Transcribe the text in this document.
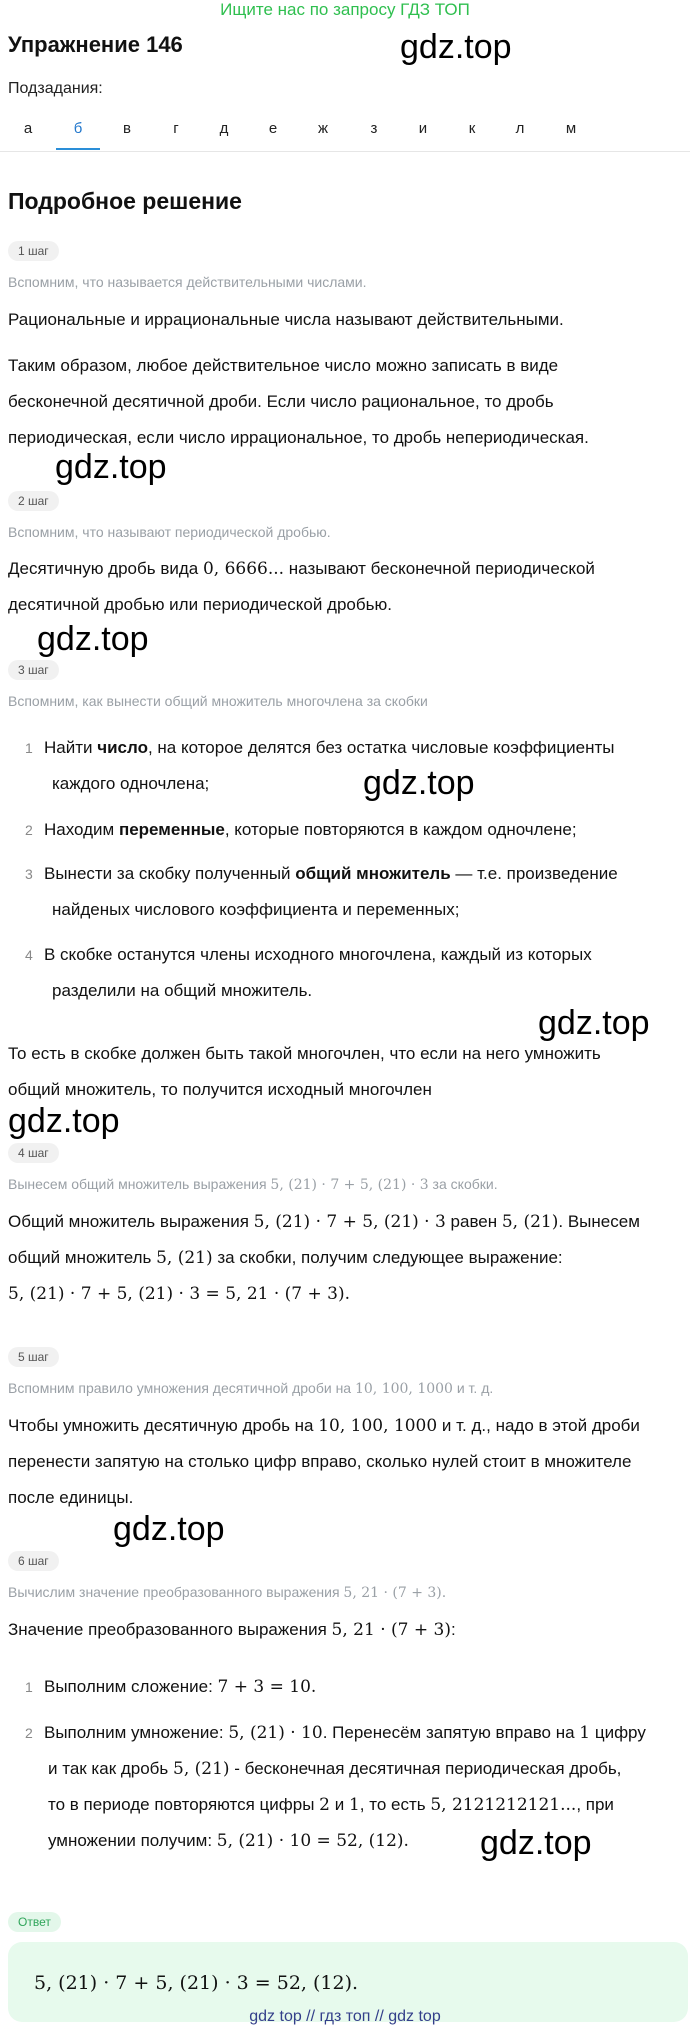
Ищите нас по запросу ГДЗ ТОП
Упражнение 146	gdz.top
Подзадания:
а	б	в	г	д	е	ж	з	и	к	л	м
Подробное решение
1 шаг
Вспомним, что называется действительными числами.
Рациональные и иррациональные числа называют действительными.
Таким образом, любое действительное число можно записать в виде
бесконечной десятичной дроби. Если число рациональное, то дробь
периодическая, если число иррациональное, то дробь непериодическая.
gdz.top
2 шаг
Вспомним, что называют периодической дробью.
Десятичную дробь вида 0, 6666... называют бесконечной периодической
десятичной дробью или периодической дробью.
gdz.top
3 шаг
Вспомним, как вынести общий множитель многочлена за скобки
1 Найти число, на которое делятся без остатка числовые коэффициенты
каждого одночлена;	gdz.top
2 Находим переменные, которые повторяются в каждом одночлене;
3 Вынести за скобку полученный общий множитель — т.е. произведение
найденых числового коэффициента и переменных;
4 В скобке останутся члены исходного многочлена, каждый из которых
разделили на общий множитель.
gdz.top
То есть в скобке должен быть такой многочлен, что если на него умножить
общий множитель, то получится исходный многочлен
gdz.top
4 шаг
Вынесем общий множитель выражения 5, (21) · 7 + 5, (21) · 3 за скобки.
Общий множитель выражения 5, (21) · 7 + 5, (21) · 3 равен 5, (21). Вынесем
общий множитель 5, (21) за скобки, получим следующее выражение:
5, (21) · 7 + 5, (21) · 3 = 5, 21 · (7 + 3).
5 шаг
Вспомним правило умножения десятичной дроби на 10, 100, 1000 и т. д.
Чтобы умножить десятичную дробь на 10, 100, 1000 и т. д., надо в этой дроби
перенести запятую на столько цифр вправо, сколько нулей стоит в множителе
после единицы.
gdz.top
6 шаг
Вычислим значение преобразованного выражения 5, 21 · (7 + 3).
Значение преобразованного выражения 5, 21 · (7 + 3):
1 Выполним сложение: 7 + 3 = 10.
2 Выполним умножение: 5, (21) · 10. Перенесём запятую вправо на 1 цифру
и так как дробь 5, (21) - бесконечная десятичная периодическая дробь,
то в периоде повторяются цифры 2 и 1, то есть 5, 2121212121..., при
умножении получим: 5, (21) · 10 = 52, (12). gdz.top
Ответ
5, (21) · 7 + 5, (21) · 3 = 52, (12).
gdz top // гдз топ // gdz top
